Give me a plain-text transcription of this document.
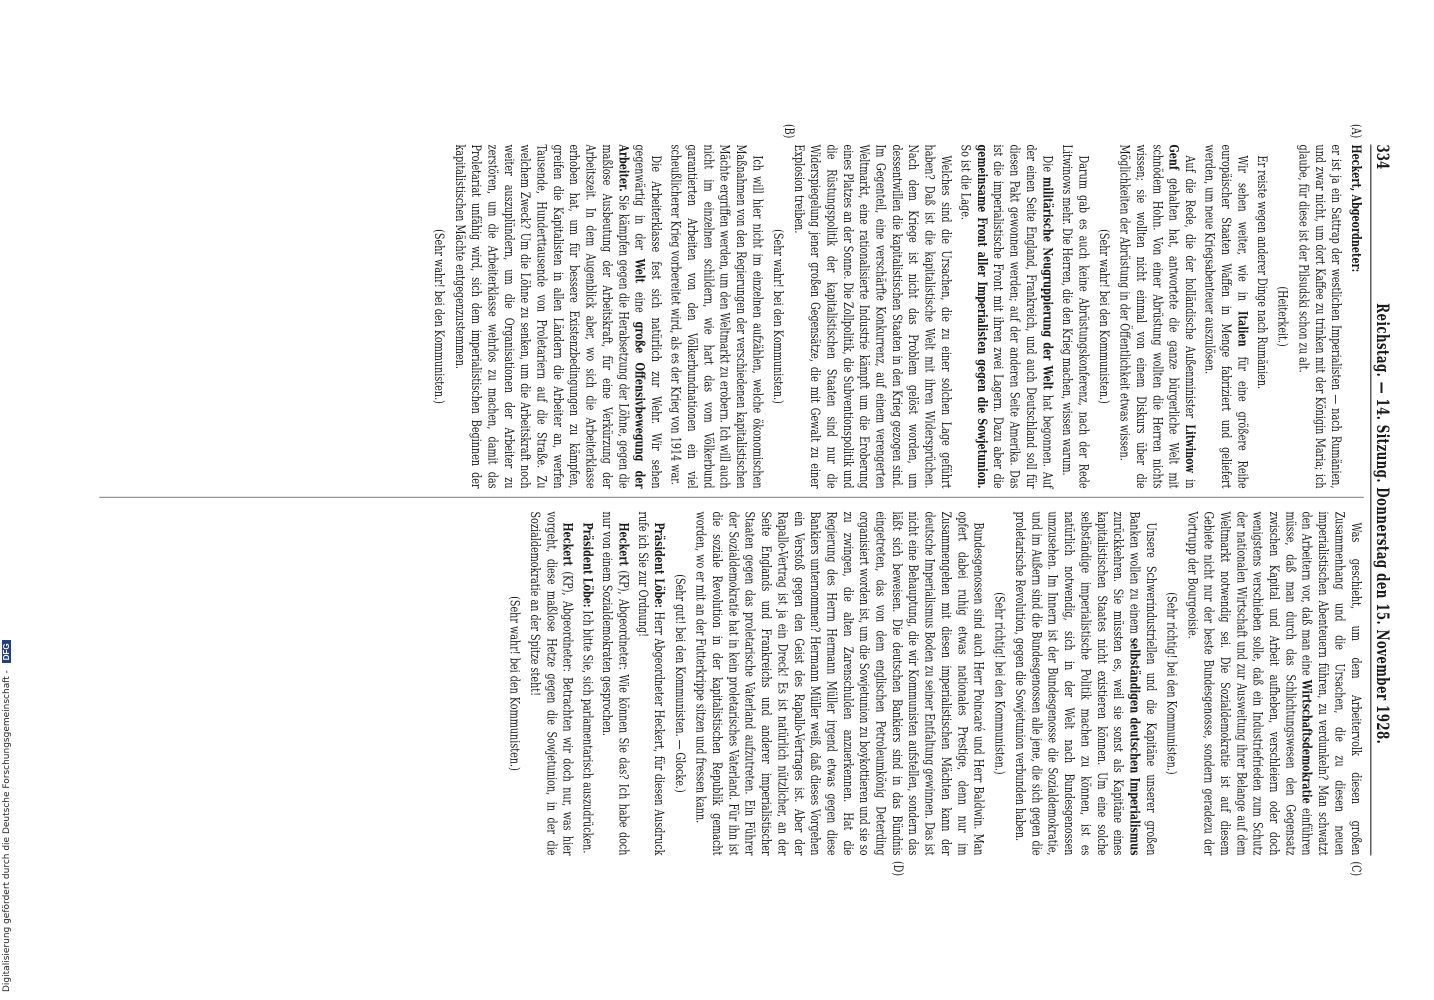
Digitalisierung gefördert durch die Deutsche Forschungsgemeinschaft - DFG
334
Reichstag. — 14. Sitzung. Donnerstag den 15. November 1928.
(A)
(B)

Heckert, Abgeordneter:

er ist ja ein Sattrap der westlichen Imperialisten — nach Rumänien, und zwar nicht, um dort Kaffee zu trinken mit der Königin Maria; ich glaube, für diese ist der Pilsudski schon zu alt.

(Heiterkeit.)

Er reiste wegen anderer Dinge nach Rumänien.

Wir sehen weiter, wie in Italien für eine größere Reihe europäischer Staaten Waffen in Menge fabriziert und geliefert werden, um neue Kriegsabenteuer auszulösen.

Auf die Rede, die der holländische Außenminister Litwinow in Genf gehalten hat, antwortete die ganze bürgerliche Welt mit schnödem Hohn. Von einer Abrüstung wollten die Herren nichts wissen; sie wollten nicht einmal von einem Diskurs über die Möglichkeiten der Abrüstung in der Öffentlichkeit etwas wissen.

(Sehr wahr! bei den Kommunisten.)

Darum gab es auch keine Abrüstungskonferenz, nach der Rede Litwinows mehr. Die Herren, die den Krieg machen, wissen warum.

Die militärische Neugruppierung der Welt hat begonnen. Auf der einen Seite England, Frankreich, und auch Deutschland soll für diesen Pakt gewonnen werden; auf der anderen Seite Amerika. Das ist die imperialistische Front mit ihren zwei Lagern. Dazu aber die gemeinsame Front aller Imperialisten gegen die Sowjetunion. So ist die Lage.

Welches sind die Ursachen, die zu einer solchen Lage geführt haben? Daß ist die kapitalistische Welt mit ihren Widersprüchen. Nach dem Kriege ist nicht das Problem gelöst worden, um dessentwillen die kapitalistischen Staaten in den Krieg gezogen sind. Im Gegenteil, eine verschärfte Konkurrenz, auf einem verengerten Weltmarkt, eine rationalisierte Industrie kämpft um die Eroberung eines Platzes an der Sonne. Die Zollpolitik, die Subventionspolitik und die Rüstungspolitik der kapitalistischen Staaten sind nur die Widerspiegelung jener großen Gegensätze, die mit Gewalt zu einer Explosion treiben.

(Sehr wahr! bei den Kommunisten.)

Ich will hier nicht im einzelnen aufzählen, welche ökonomischen Maßnahmen von den Regierungen der verschiedenen kapitalistischen Mächte ergriffen werden, um den Weltmarkt zu erobern. Ich will auch nicht im einzelnen schildern, wie hart das vom Völkerbund garantierten Arbeiten von den Völkerbundnationen ein viel scheußlicherer Krieg vorbereitet wird, als es der Krieg von 1914 war.

Die Arbeiterklasse fest sich natürlich zur Wehr. Wir sehen gegenwärtig in der Welt eine große Offensivbewegung der Arbeiter. Sie kämpfen gegen die Herabsetzung der Löhne, gegen die maßlose Ausbeutung der Arbeitskraft, für eine Verkürzung der Arbeitszeit. In dem Augenblick aber, wo sich die Arbeiterklasse erhoben hat, um für bessere Existenzbedingungen zu kämpfen, greifen die Kapitalisten in allen Ländern die Arbeiter an, werfen Tausende, Hunderttausende von Proletariern auf die Straße. Zu welchem Zweck? Um die Löhne zu senken, um die Arbeitskraft noch weiter auszuplündern, um die Organisationen der Arbeiter zu zerstören, um die Arbeiterklasse wehrlos zu machen, damit das Proletariat unfähig wird, sich dem imperialistischen Beginnen der kapitalistischen Mächte entgegenzustemmen.

(Sehr wahr! bei den Kommunisten.)

(C)
(D)

Was geschieht, um dem Arbeitervolk diesen großen Zusammenhang und die Ursachen, die zu diesen neuen imperialistischen Abenteuern führen, zu verdunkeln? Man schwatzt den Arbeitern vor, daß man eine Wirtschaftsdemokratie einführen müsse, daß man durch das Schlichtungswesen den Gegensatz zwischen Kapital und Arbeit aufheben, verschleiern oder doch wenigstens verschieben solle, daß ein Industriefrieden zum Schutz der nationalen Wirtschaft und zur Ausweitung ihrer Belange auf dem Weltmarkt notwendig sei. Die Sozialdemokratie ist auf diesem Gebiete nicht nur der beste Bundesgenosse, sondern geradezu der Vortrupp der Bourgeoisie.

(Sehr richtig! bei den Kommunisten.)

Unsere Schwerindustriellen und die Kapitäne unserer großen Banken wollen zu einem selbständigen deutschen Imperialismus zurückkehren. Sie müssten es, weil sie sonst als Kapitäne eines kapitalistischen Staates nicht existieren können. Um eine solche selbständige imperialistische Politik machen zu können, ist es natürlich notwendig, sich in der Welt nach Bundesgenossen umzusehen. Im Innern ist der Bundesgenosse die Sozialdemokratie, und im Außern sind die Bundesgenossen alle jene, die sich gegen die proletarische Revolution, gegen die Sowjetunion verbunden haben.

(Sehr richtig! bei den Kommunisten.)

Bundesgenossen sind auch Herr Poincaré und Herr Baldwin. Man opfert dabei ruhig etwas nationales Prestige, denn nur im Zusammengehen mit diesen imperialistischen Mächten kann der deutsche Imperialismus Boden zu seiner Entfaltung gewinnen. Das ist nicht eine Behauptung, die wir Kommunisten aufstellen, sondern das läßt sich beweisen. Die deutschen Bankiers sind in das Bündnis eingetreten, das von dem englischen Petroleumkönig Deterding organisiert worden ist, um die Sowjetunion zu boykottieren und sie so zu zwingen, die alten Zarenschulden anzuerkennen. Hat die Regierung des Herrn Hermann Müller irgend etwas gegen diese Bankiers unternommen? Hermann Müller weiß, daß dieses Vorgehen ein Verstoß gegen den Geist des Rapallo-Vertrages ist. Aber der Rapallo-Vertrag ist ja ein Dreck! Es ist natürlich nützlicher, an der Seite Englands und Frankreichs und anderer imperialistischer Staaten gegen das proletarische Vaterland aufzutreten. Ein Führer der Sozialdemokratie hat in kein proletarisches Vaterland. Für ihn ist die soziale Revolution in der kapitalistischen Republik gemacht worden, wo er mit an der Futterkrippe sitzen und fressen kann.

(Sehr gut! bei den Kommunisten. — Glocke.)

Präsident Löbe: Herr Abgeordneter Heckert, für diesen Ausdruck rufe ich Sie zur Ordnung!

Heckert (KP), Abgeordneter: Wie können Sie das? Ich habe doch nur von einem Sozialdemokraten gesprochen.

Präsident Löbe: Ich bitte Sie, sich parlamentarisch auszudrücken.

Heckert (KP), Abgeordneter: Betrachten wir doch nur, was hier vorgeht, diese maßlose Hetze gegen die Sowjetunion, in der die Sozialdemokratie an der Spitze steht!

(Sehr wahr! bei den Kommunisten.)
